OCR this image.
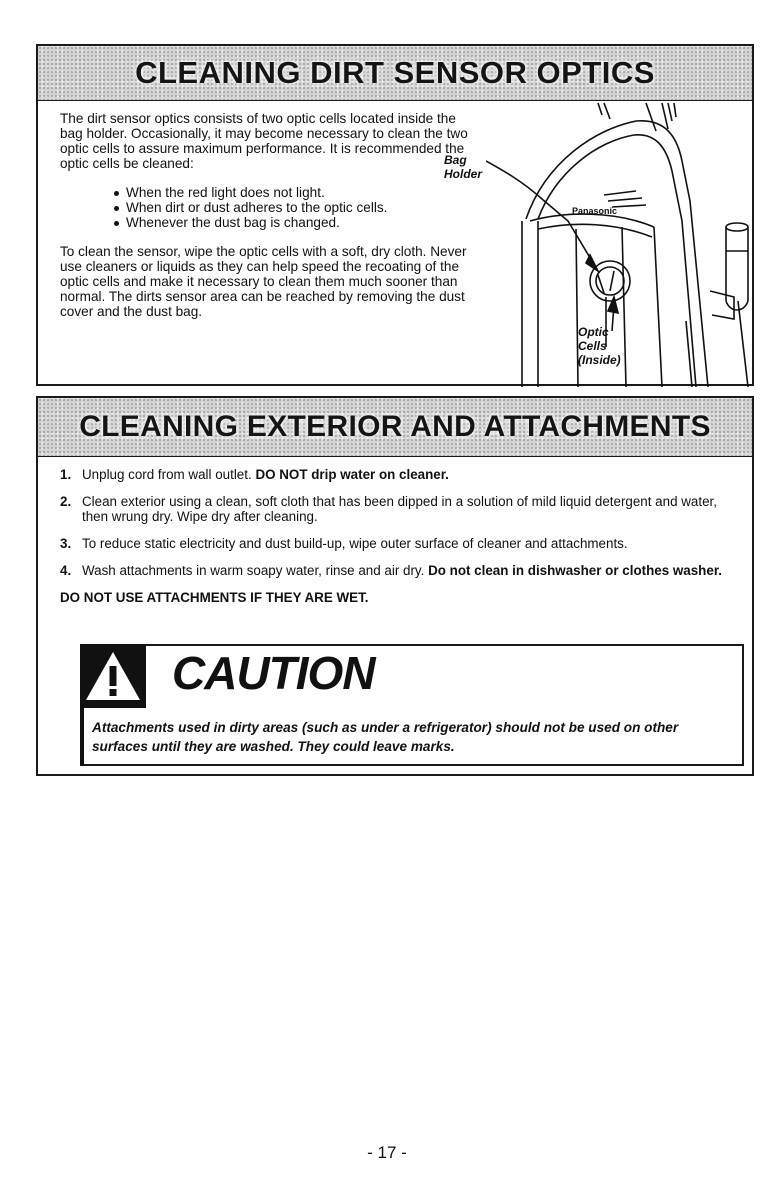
CLEANING DIRT SENSOR OPTICS

The dirt sensor optics consists of two optic cells located inside the bag holder. Occasionally, it may become necessary to clean the two optic cells to assure maximum performance. It is recommended the optic cells be cleaned:

When the red light does not light.
When dirt or dust adheres to the optic cells.
Whenever the dust bag is changed.

To clean the sensor, wipe the optic cells with a soft, dry cloth. Never use cleaners or liquids as they can help speed the recoating of the optic cells and make it necessary to clean them much sooner than normal. The dirts sensor area can be reached by removing the dust cover and the dust bag.

Panasonic
Bag
Holder
Optic
Cells
(Inside)
CLEANING EXTERIOR AND ATTACHMENTS
1. Unplug cord from wall outlet. DO NOT drip water on cleaner.
2. Clean exterior using a clean, soft cloth that has been dipped in a solution of mild liquid detergent and water, then wrung dry. Wipe dry after cleaning.
3. To reduce static electricity and dust build-up, wipe outer surface of cleaner and attachments.
4. Wash attachments in warm soapy water, rinse and air dry. Do not clean in dishwasher or clothes washer.
DO NOT USE ATTACHMENTS IF THEY ARE WET.
CAUTION
Attachments used in dirty areas (such as under a refrigerator) should not be used on other surfaces until they are washed. They could leave marks.
- 17 -
